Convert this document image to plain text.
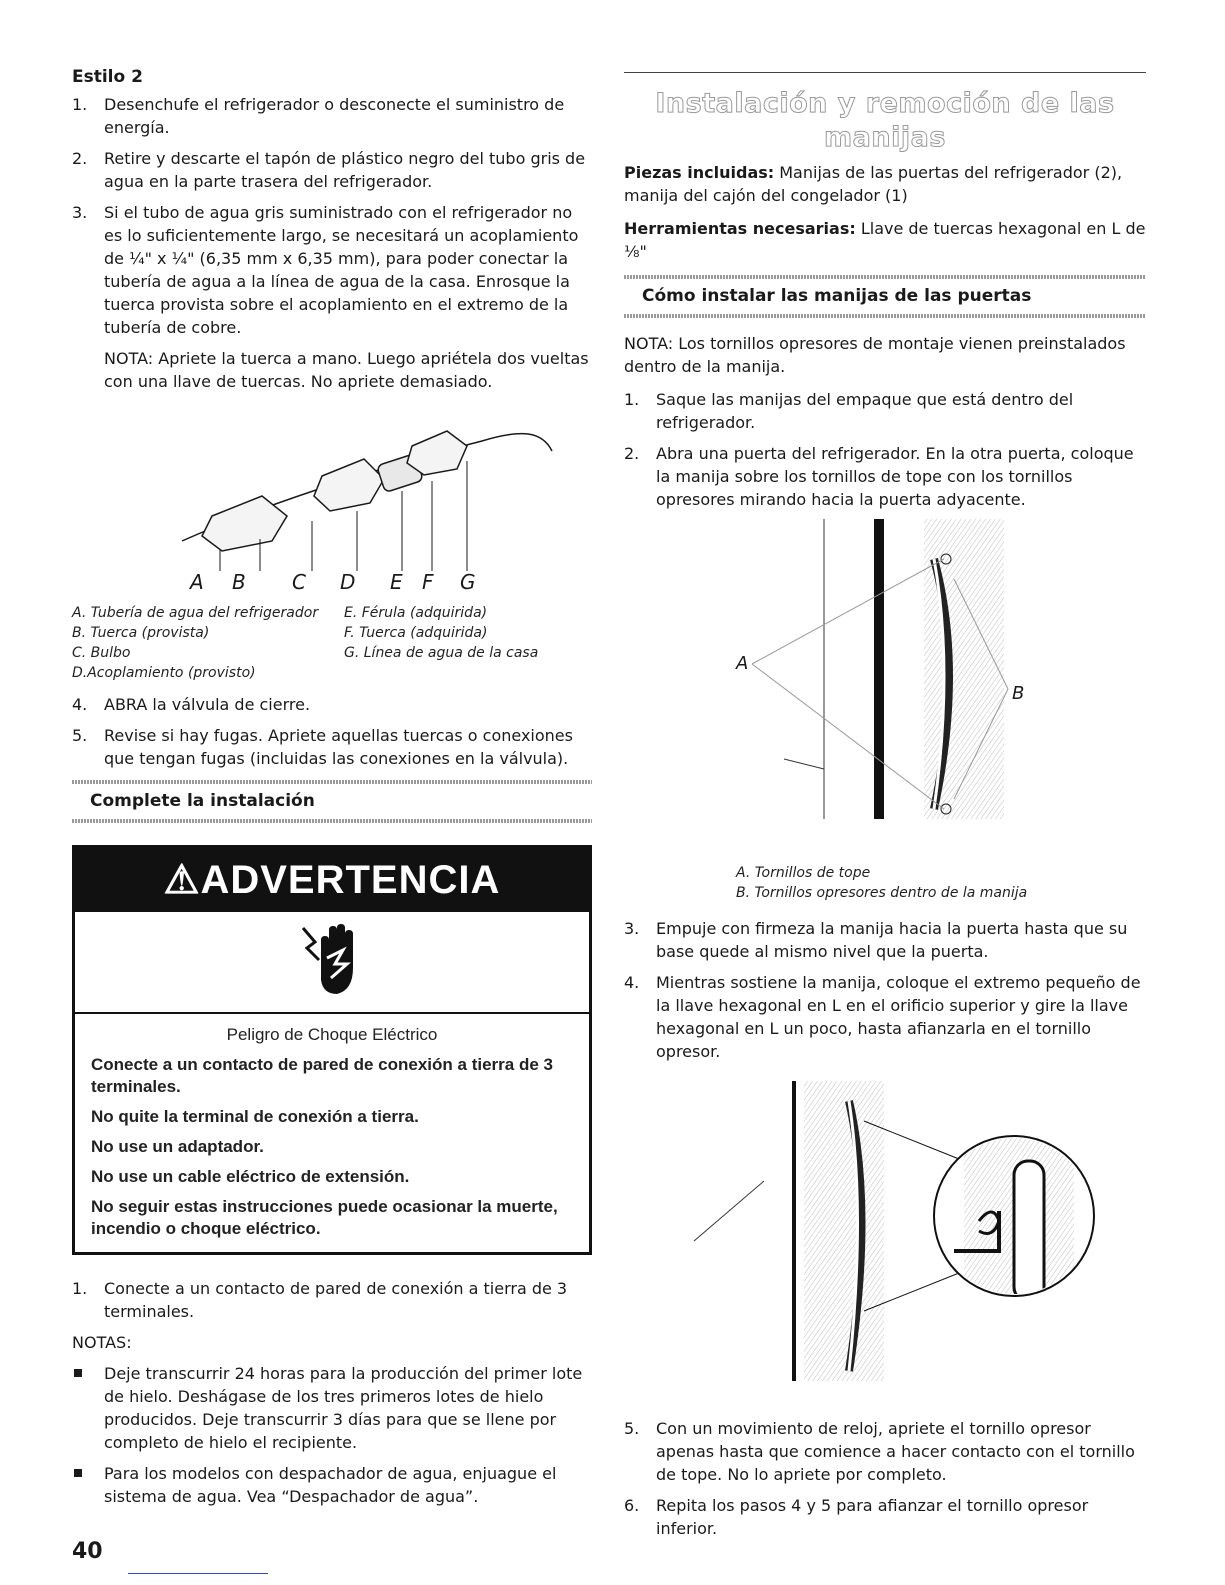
Estilo 2

1. Desenchufe el refrigerador o desconecte el suministro de energía.
2. Retire y descarte el tapón de plástico negro del tubo gris de agua en la parte trasera del refrigerador.
3. Si el tubo de agua gris suministrado con el refrigerador no es lo suficientemente largo, se necesitará un acoplamiento de ¼" x ¼" (6,35 mm x 6,35 mm), para poder conectar la tubería de agua a la línea de agua de la casa. Enrosque la tuerca provista sobre el acoplamiento en el extremo de la tubería de cobre.

NOTA: Apriete la tuerca a mano. Luego apriétela dos vueltas con una llave de tuercas. No apriete demasiado.

A B C D E F G
A. Tubería de agua del refrigerador
B. Tuerca (provista)
C. Bulbo
D.Acoplamiento (provisto)
E. Férula (adquirida)
F. Tuerca (adquirida)
G. Línea de agua de la casa
4. ABRA la válvula de cierre.
5. Revise si hay fugas. Apriete aquellas tuercas o conexiones que tengan fugas (incluidas las conexiones en la válvula).
Complete la instalación
⚠ADVERTENCIA

Peligro de Choque Eléctrico

Conecte a un contacto de pared de conexión a tierra de 3 terminales.

No quite la terminal de conexión a tierra.

No use un adaptador.

No use un cable eléctrico de extensión.

No seguir estas instrucciones puede ocasionar la muerte, incendio o choque eléctrico.

1. Conecte a un contacto de pared de conexión a tierra de 3 terminales.

NOTAS:

Deje transcurrir 24 horas para la producción del primer lote de hielo. Deshágase de los tres primeros lotes de hielo producidos. Deje transcurrir 3 días para que se llene por completo de hielo el recipiente.
Para los modelos con despachador de agua, enjuague el sistema de agua. Vea “Despachador de agua”.
Instalación y remoción de las manijas

Piezas incluidas: Manijas de las puertas del refrigerador (2), manija del cajón del congelador (1)

Herramientas necesarias: Llave de tuercas hexagonal en L de ⅛"

Cómo instalar las manijas de las puertas

NOTA: Los tornillos opresores de montaje vienen preinstalados dentro de la manija.

1. Saque las manijas del empaque que está dentro del refrigerador.
2. Abra una puerta del refrigerador. En la otra puerta, coloque la manija sobre los tornillos de tope con los tornillos opresores mirando hacia la puerta adyacente.
A
B
A. Tornillos de tope
B. Tornillos opresores dentro de la manija
3. Empuje con firmeza la manija hacia la puerta hasta que su base quede al mismo nivel que la puerta.
4. Mientras sostiene la manija, coloque el extremo pequeño de la llave hexagonal en L en el orificio superior y gire la llave hexagonal en L un poco, hasta afianzarla en el tornillo opresor.
5. Con un movimiento de reloj, apriete el tornillo opresor apenas hasta que comience a hacer contacto con el tornillo de tope. No lo apriete por completo.
6. Repita los pasos 4 y 5 para afianzar el tornillo opresor inferior.
40
